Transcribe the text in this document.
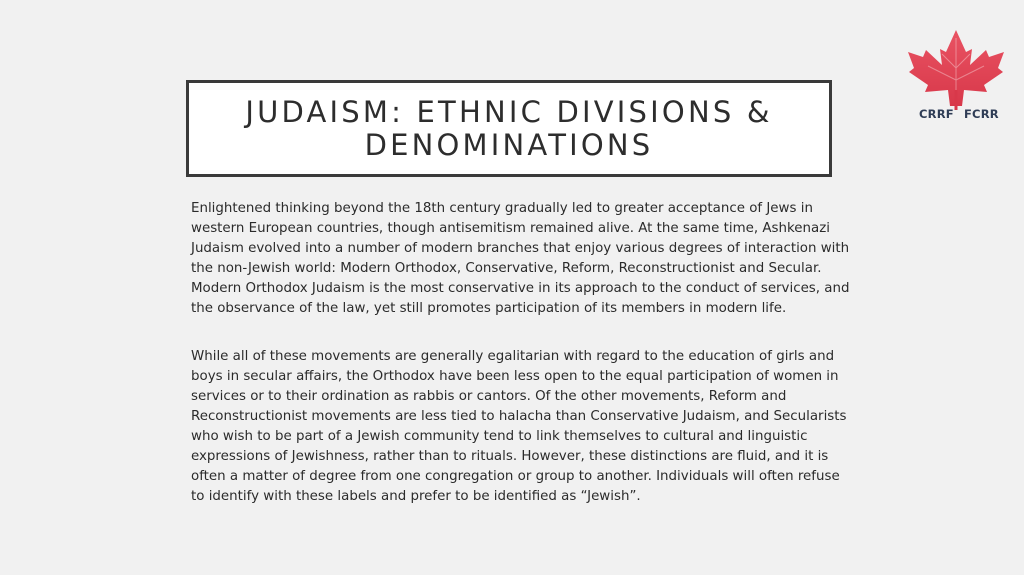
JUDAISM: ETHNIC DIVISIONS &
DENOMINATIONS
Enlightened thinking beyond the 18th century gradually led to greater acceptance of Jews in
western European countries, though antisemitism remained alive. At the same time, Ashkenazi
Judaism evolved into a number of modern branches that enjoy various degrees of interaction with
the non-Jewish world: Modern Orthodox, Conservative, Reform, Reconstructionist and Secular.
Modern Orthodox Judaism is the most conservative in its approach to the conduct of services, and
the observance of the law, yet still promotes participation of its members in modern life.
While all of these movements are generally egalitarian with regard to the education of girls and
boys in secular affairs, the Orthodox have been less open to the equal participation of women in
services or to their ordination as rabbis or cantors. Of the other movements, Reform and
Reconstructionist movements are less tied to halacha than Conservative Judaism, and Secularists
who wish to be part of a Jewish community tend to link themselves to cultural and linguistic
expressions of Jewishness, rather than to rituals. However, these distinctions are fluid, and it is
often a matter of degree from one congregation or group to another. Individuals will often refuse
to identify with these labels and prefer to be identified as “Jewish”.
CRRF FCRR
